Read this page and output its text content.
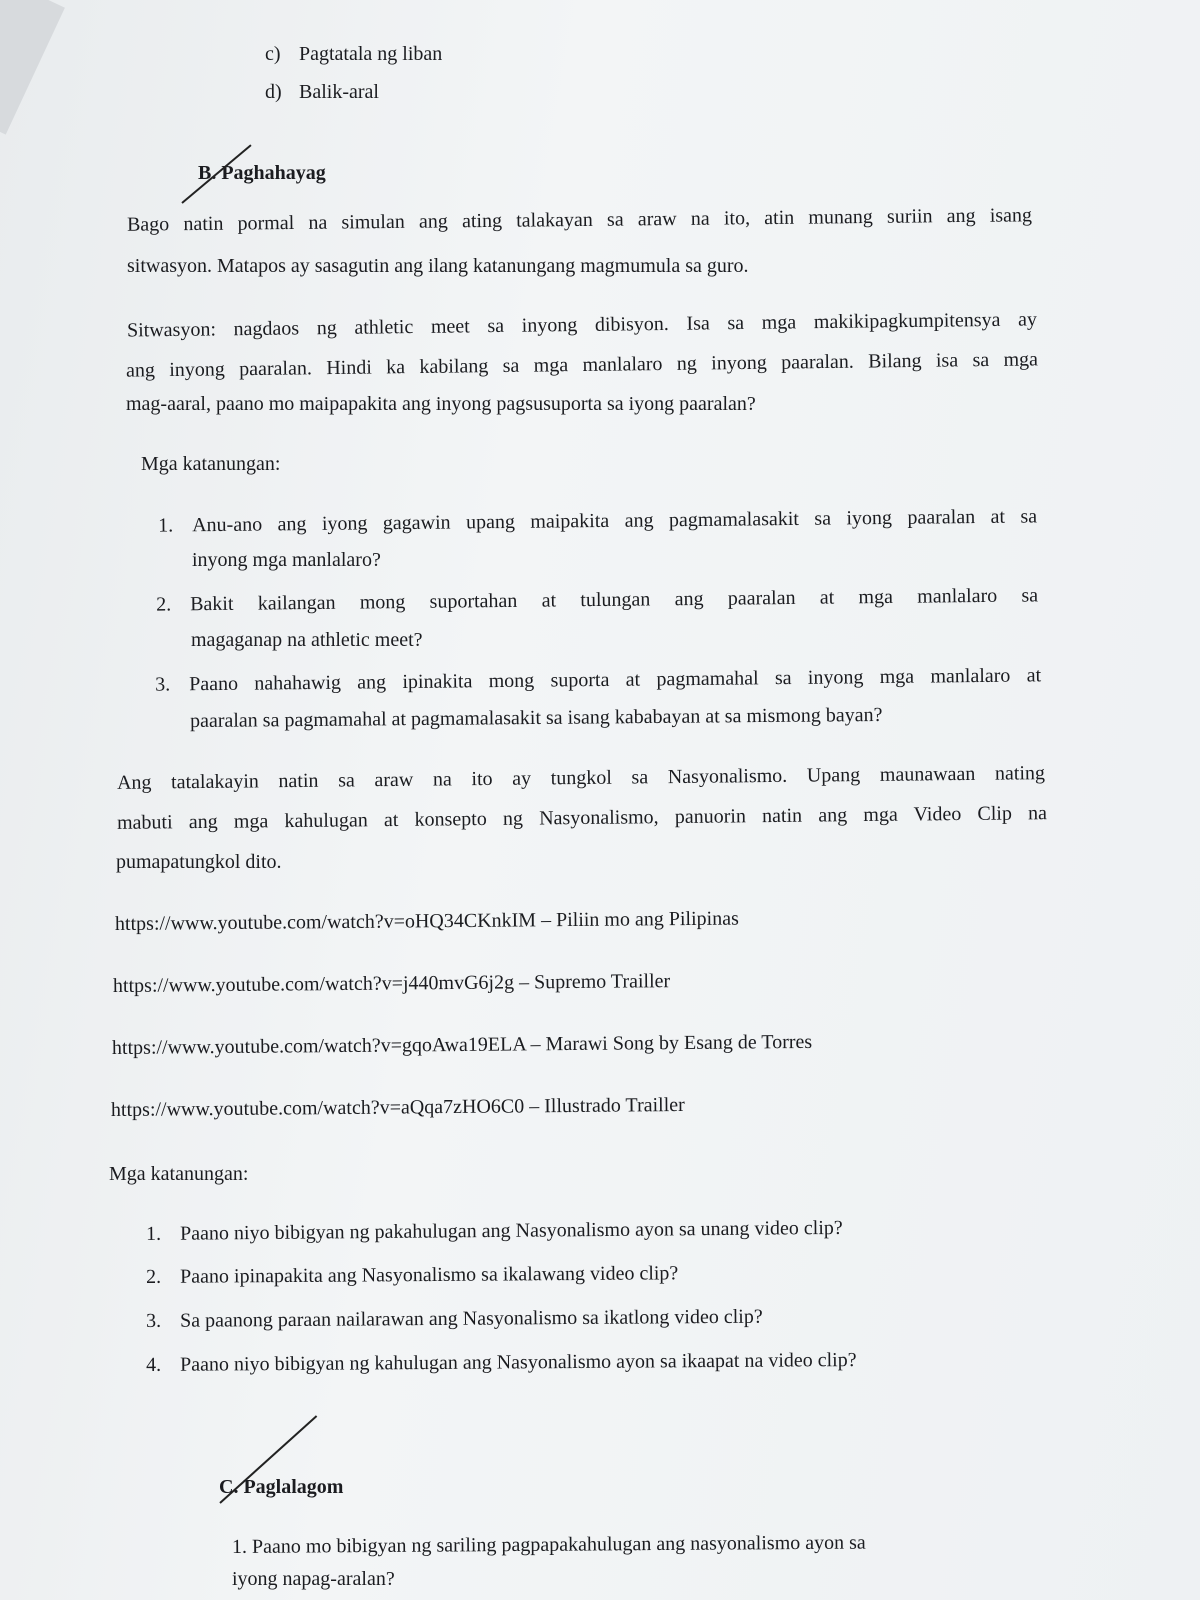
c) Pagtatala ng liban
d) Balik-aral
B. Paghahayag
Bago natin pormal na simulan ang ating talakayan sa araw na ito, atin munang suriin ang isang
sitwasyon. Matapos ay sasagutin ang ilang katanungang magmumula sa guro.
Sitwasyon: nagdaos ng athletic meet sa inyong dibisyon. Isa sa mga makikipagkumpitensya ay
ang inyong paaralan. Hindi ka kabilang sa mga manlalaro ng inyong paaralan. Bilang isa sa mga
mag-aaral, paano mo maipapakita ang inyong pagsusuporta sa iyong paaralan?
Mga katanungan:
1. Anu-ano ang iyong gagawin upang maipakita ang pagmamalasakit sa iyong paaralan at sa
inyong mga manlalaro?
2. Bakit kailangan mong suportahan at tulungan ang paaralan at mga manlalaro sa
magaganap na athletic meet?
3. Paano nahahawig ang ipinakita mong suporta at pagmamahal sa inyong mga manlalaro at
paaralan sa pagmamahal at pagmamalasakit sa isang kababayan at sa mismong bayan?
Ang tatalakayin natin sa araw na ito ay tungkol sa Nasyonalismo. Upang maunawaan nating
mabuti ang mga kahulugan at konsepto ng Nasyonalismo, panuorin natin ang mga Video Clip na
pumapatungkol dito.
https://www.youtube.com/watch?v=oHQ34CKnkIM – Piliin mo ang Pilipinas
https://www.youtube.com/watch?v=j440mvG6j2g – Supremo Trailler
https://www.youtube.com/watch?v=gqoAwa19ELA – Marawi Song by Esang de Torres
https://www.youtube.com/watch?v=aQqa7zHO6C0 – Illustrado Trailler
Mga katanungan:
1. Paano niyo bibigyan ng pakahulugan ang Nasyonalismo ayon sa unang video clip?
2. Paano ipinapakita ang Nasyonalismo sa ikalawang video clip?
3. Sa paanong paraan nailarawan ang Nasyonalismo sa ikatlong video clip?
4. Paano niyo bibigyan ng kahulugan ang Nasyonalismo ayon sa ikaapat na video clip?
C. Paglalagom
1. Paano mo bibigyan ng sariling pagpapakahulugan ang nasyonalismo ayon sa
iyong napag-aralan?
